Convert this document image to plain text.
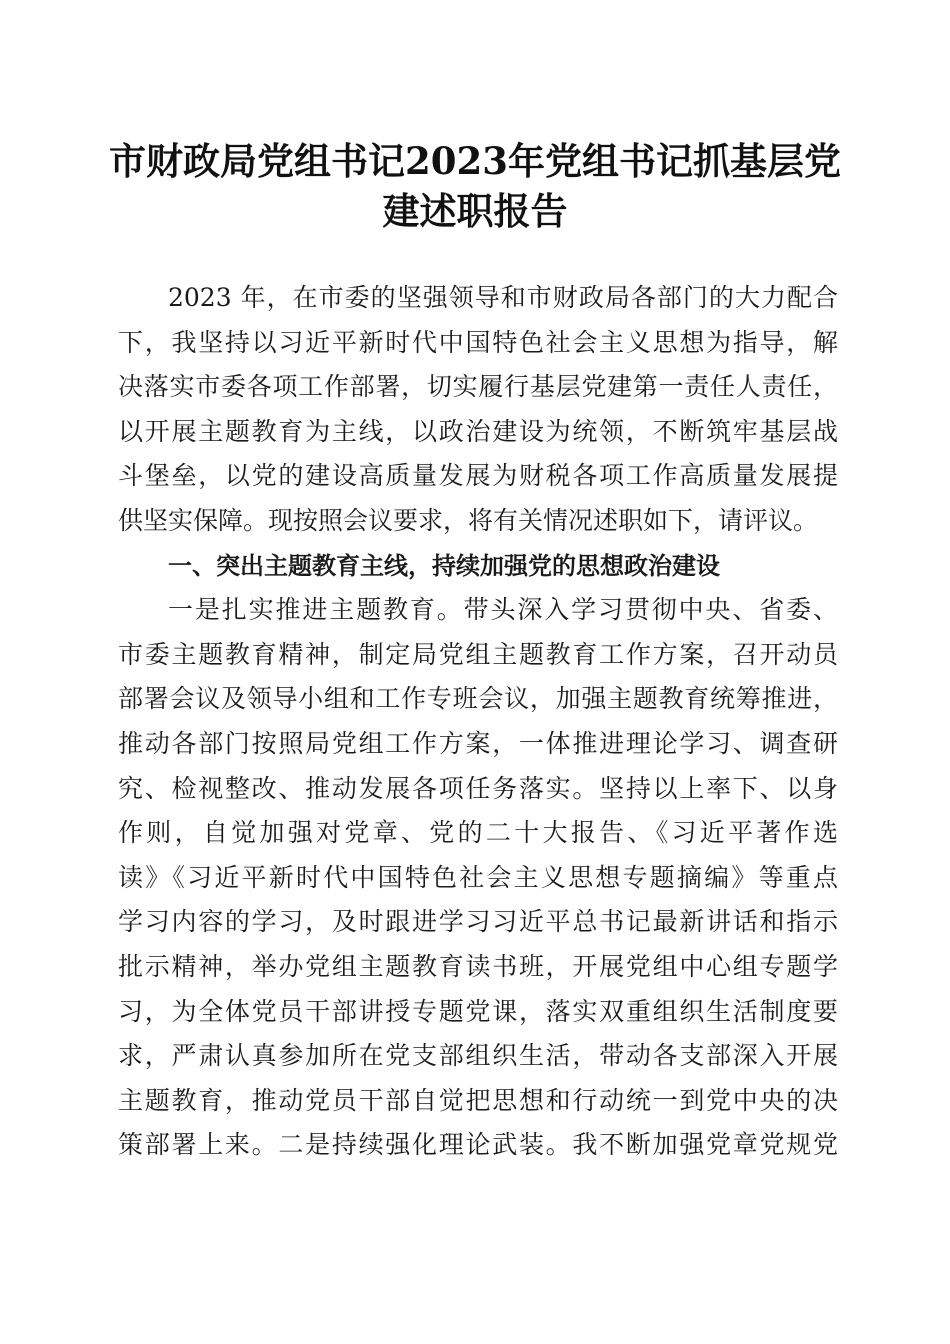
市财政局党组书记2023年党组书记抓基层党
建述职报告
2023 年，在市委的坚强领导和市财政局各部门的大力配合
下，我坚持以习近平新时代中国特色社会主义思想为指导，解
决落实市委各项工作部署，切实履行基层党建第一责任人责任，
以开展主题教育为主线，以政治建设为统领，不断筑牢基层战
斗堡垒，以党的建设高质量发展为财税各项工作高质量发展提
供坚实保障。现按照会议要求，将有关情况述职如下，请评议。
一、突出主题教育主线，持续加强党的思想政治建设
一是扎实推进主题教育。带头深入学习贯彻中央、省委、
市委主题教育精神，制定局党组主题教育工作方案，召开动员
部署会议及领导小组和工作专班会议，加强主题教育统筹推进，
推动各部门按照局党组工作方案，一体推进理论学习、调查研
究、检视整改、推动发展各项任务落实。坚持以上率下、以身
作则，自觉加强对党章、党的二十大报告、《习近平著作选
读》《习近平新时代中国特色社会主义思想专题摘编》等重点
学习内容的学习，及时跟进学习习近平总书记最新讲话和指示
批示精神，举办党组主题教育读书班，开展党组中心组专题学
习，为全体党员干部讲授专题党课，落实双重组织生活制度要
求，严肃认真参加所在党支部组织生活，带动各支部深入开展
主题教育，推动党员干部自觉把思想和行动统一到党中央的决
策部署上来。二是持续强化理论武装。我不断加强党章党规党
